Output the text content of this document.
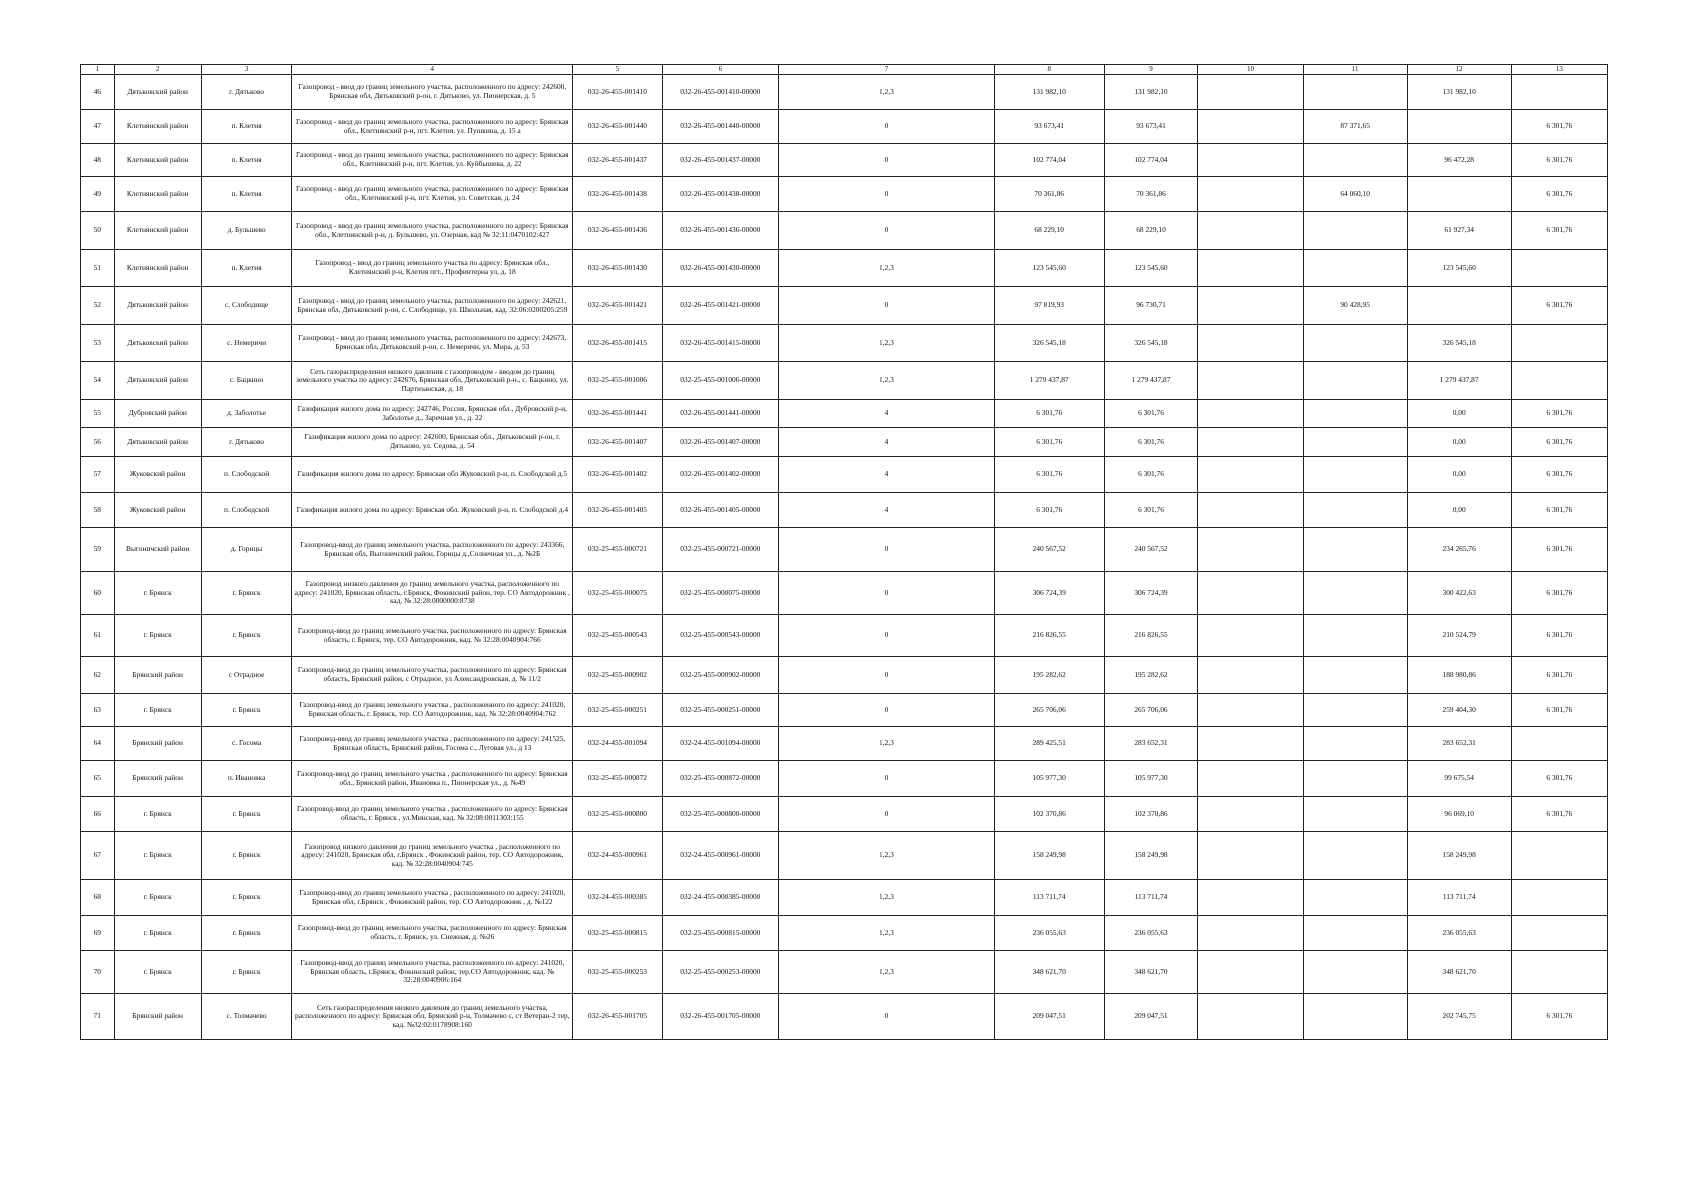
1	2	3	4	5	6	7	8	9	10	11	12	13
46	Дятьковский район	г. Дятьково	Газопровод - ввод до границ земельного участка, расположенного по адресу: 242600, Брянская обл, Дятьковский р-он, г. Дятьково, ул. Пионерская, д. 5	032-26-455-001410	032-26-455-001410-00000	1,2,3	131 982,10	131 982,10			131 982,10	
47	Клетнянский район	п. Клетня	Газопровод - ввод до границ земельного участка, расположенного по адресу: Брянская обл., Клетнянский р-н, пгт. Клетня, ул. Пушкина, д. 15 а	032-26-455-001440	032-26-455-001440-00000	0	93 673,41	93 673,41		87 371,65		6 301,76
48	Клетнянский район	п. Клетня	Газопровод - ввод до границ земельного участка, расположенного по адресу: Брянская обл., Клетнянский р-н, пгт. Клетня, ул. Куйбышева, д. 22	032-26-455-001437	032-26-455-001437-00000	0	102 774,04	102 774,04			96 472,28	6 301,76
49	Клетнянский район	п. Клетня	Газопровод - ввод до границ земельного участка, расположенного по адресу: Брянская обл., Клетнянский р-н, пгт. Клетня, ул. Советская, д. 24	032-26-455-001438	032-26-455-001438-00000	0	70 361,86	70 361,86		64 060,10		6 301,76
50	Клетнянский район	д. Бульшево	Газопровод - ввод до границ земельного участка, расположенного по адресу: Брянская обл., Клетнянский р-н, д. Бульшево, ул. Озерная, кад № 32:11:0470102:427	032-26-455-001436	032-26-455-001436-00000	0	68 229,10	68 229,10			61 927,34	6 301,76
51	Клетнянский район	п. Клетня	Газопровод - ввод до границ земельного участка по адресу: Брянская обл., Клетнянский р-н, Клетня пгт., Профинтерна ул, д. 18	032-26-455-001430	032-26-455-001430-00000	1,2,3	123 545,60	123 545,60			123 545,60	
52	Дятьковский район	с. Слободище	Газопровод - ввод до границ земельного участка, расположенного по адресу: 242621, Брянская обл, Дятьковский р-он, с. Слободище, ул. Школьная, кад. 32:06:0200205:259	032-26-455-001421	032-26-455-001421-00000	0	97 819,93	96 730,71		90 428,95		6 301,76
53	Дятьковский район	с. Немеричи	Газопровод - ввод до границ земельного участка, расположенного по адресу: 242673, Брянская обл, Дятьковский р-он, с. Немеричи, ул. Мира, д. 53	032-26-455-001415	032-26-455-001415-00000	1,2,3	326 545,18	326 545,18			326 545,18	
54	Дятьковский район	с. Бацкино	Сеть газораспределения низкого давления с газопроводом - вводом до границ земельного участка по адресу: 242676, Брянская обл, Дятьковский р-н., с. Бацкино, ул. Партизанская, д. 18	032-25-455-001006	032-25-455-001006-00000	1,2,3	1 279 437,87	1 279 437,87			1 279 437,87	
55	Дубровский район	д. Заболотье	Газификация жилого дома по адресу: 242746, Россия, Брянская обл., Дубровский р-н, Заболотье д., Заречная ул., д. 22	032-26-455-001441	032-26-455-001441-00000	4	6 301,76	6 301,76			0,00	6 301,76
56	Дятьковский район	г. Дятьково	Газификация жилого дома по адресу: 242600, Брянская обл., Дятьковский р-он, г. Дятьково, ул. Седова, д. 54	032-26-455-001407	032-26-455-001407-00000	4	6 301,76	6 301,76			0,00	6 301,76
57	Жуковский район	п. Слободской	Газификация жилого дома по адресу: Брянская обл Жуковский р-н, п. Слободской д.5	032-26-455-001402	032-26-455-001402-00000	4	6 301,76	6 301,76			0,00	6 301,76
58	Жуковский район	п. Слободской	Газификация жилого дома по адресу: Брянская обл. Жуковский р-н, п. Слободской д.4	032-26-455-001405	032-26-455-001405-00000	4	6 301,76	6 301,76			0,00	6 301,76
59	Выгоничский район	д. Горицы	Газопровод-ввод до границ земельного участка, расположенного по адресу: 243366, Брянская обл, Выгоничский район, Горицы д.,Солнечная ул., д. №2Б	032-25-455-000721	032-25-455-000721-00000	0	240 567,52	240 567,52			234 265,76	6 301,76
60	г. Брянск	г. Брянск	Газопровод низкого давления до границ земельного участка, расположенного по адресу: 241020, Брянская область, г.Брянск, Фокинский район, тер. СО Автодорожник , кад. № 32:28:0000000:8738	032-25-455-000075	032-25-455-000075-00000	0	306 724,39	306 724,39			300 422,63	6 301,76
61	г. Брянск	г. Брянск	Газопровод-ввод до границ земельного участка, расположенного по адресу: Брянская область, г. Брянск, тер. СО Автодорожник, кад. № 32:28:0040904:766	032-25-455-000543	032-25-455-000543-00000	0	216 826,55	216 826,55			210 524,79	6 301,76
62	Брянский район	с Отрадное	Газопровод-ввод до границ земельного участка, расположенного по адресу: Брянская область, Брянский район, с Отрадное, ул Александровская, д. № 11/2	032-25-455-000902	032-25-455-000902-00000	0	195 282,62	195 282,62			188 980,86	6 301,76
63	г. Брянск	г. Брянск	Газопровод-ввод до границ земельного участка , расположенного по адресу: 241020, Брянская область, г. Брянск, тер. СО Автодорожник, кад. № 32:28:0040904:762	032-25-455-000251	032-25-455-000251-00000	0	265 706,06	265 706,06			259 404,30	6 301,76
64	Брянский район	с. Госома	Газопровод-ввод до границ земельного участка , расположенного по адресу: 241525, Брянская область, Брянский район, Госома с., Луговая ул., д 13	032-24-455-001094	032-24-455-001094-00000	1,2,3	289 425,51	283 652,31			283 652,31	
65	Брянский район	п. Ивановка	Газопровод-ввод до границ земельного участка , расположенного по адресу: Брянская обл., Брянский район, Ивановка п., Пионерская ул., д. №49	032-25-455-000872	032-25-455-000872-00000	0	105 977,30	105 977,30			99 675,54	6 301,76
66	г. Брянск	г. Брянск	Газопровод-ввод до границ земельного участка , расположенного по адресу: Брянская область, г. Брянск , ул.Минская, кад. № 32:08:0011303:155	032-25-455-000800	032-25-455-000800-00000	0	102 370,86	102 370,86			96 069,10	6 301,76
67	г. Брянск	г. Брянск	Газопровод низкого давления до границ земельного участка , расположенного по адресу: 241020, Брянская обл, г.Брянск , Фокинский район, тер. СО Автодорожник, кад. № 32:28:0040904:745	032-24-455-000961	032-24-455-000961-00000	1,2,3	158 249,98	158 249,98			158 249,98	
68	г. Брянск	г. Брянск	Газопровод-ввод до границ земельного участка , расположенного по адресу: 241020, Брянская обл, г.Брянск , Фокинский район, тер. СО Автодорожник , д. №122	032-24-455-000385	032-24-455-000385-00000	1,2,3	113 711,74	113 711,74			113 711,74	
69	г. Брянск	г. Брянск	Газопровод-ввод до границ земельного участка, расположенного по адресу: Брянская область, г. Брянск, ул. Снежная, д. №26	032-25-455-000815	032-25-455-000815-00000	1,2,3	236 055,63	236 055,63			236 055,63	
70	г. Брянск	г. Брянск	Газопровод-ввод до границ земельного участка, расположенного по адресу: 241020, Брянская область, г.Брянск, Фокинский район, тер.СО Автодорожник, кад. № 32:28:0040906:164	032-25-455-000253	032-25-455-000253-00000	1,2,3	348 621,70	348 621,70			348 621,70	
71	Брянский район	с. Толмачево	Сеть газораспределения низкого давления до границ земельного участка, расположенного по адресу: Брянская обл, Брянский р-н, Толмачево с, ст Ветеран-2 тер, кад. №32:02:0178908:160	032-26-455-001705	032-26-455-001705-00000	0	209 047,51	209 047,51			202 745,75	6 301,76
